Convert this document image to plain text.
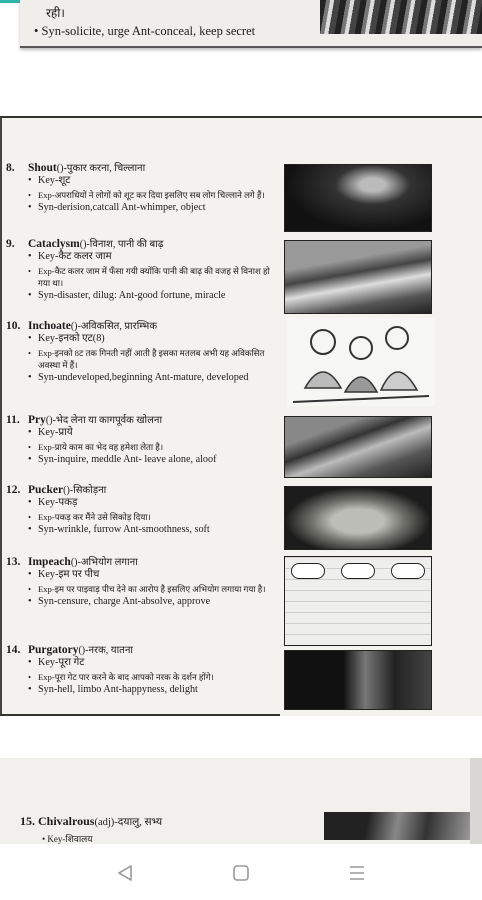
रही।
• Syn-solicite, urge Ant-conceal, keep secret
8. Shout()-पुकार करना, चिल्लाना
• Key-शूट
• Exp-अपराधियों ने लोगों को शूट कर दिया इसलिए सब लोग चिल्लाने लगे हैं।
• Syn-derision,catcall Ant-whimper, object
9. Cataclysm()-विनाश, पानी की बाढ़
• Key-कैट कलर जाम
• Exp-कैट कलर जाम में फँसा गयी क्योंकि पानी की बाढ़ की वजह से विनाश हो गया था।
• Syn-disaster, dilug: Ant-good fortune, miracle
10. Inchoate()-अविकसित, प्रारम्भिक
• Key-इनको एट(8)
• Exp-इनको 8ट तक गिनती नहीं आती है इसका मतलब अभी यह अविकसित अवस्था में हैं।
• Syn-undeveloped,beginning Ant-mature, developed
11. Pry()-भेद लेना या कागपूर्वक खोलना
• Key-प्राये
• Exp-प्राये काम का भेद वह हमेशा लेता है।
• Syn-inquire, meddle Ant- leave alone, aloof
12. Pucker()-सिकोड़ना
• Key-पकड़
• Exp-पकड़ कर मैंने उसे सिकोड़ दिया।
• Syn-wrinkle, furrow Ant-smoothness, soft
13. Impeach()-अभियोग लगाना
• Key-इम पर पीच
• Exp-इम पर पाइवाड़ पीच देने का आरोप है इसलिए अभियोग लगाया गया है।
• Syn-censure, charge Ant-absolve, approve
14. Purgatory()-नरक, यातना
• Key-पूरा गेट
• Exp-पूरा गेट पार करने के बाद आपको नरक के दर्शन होंगे।
• Syn-hell, limbo Ant-happyness, delight
15. Chivalrous(adj)-दयालु, सभ्य
• Key-शिवालय
